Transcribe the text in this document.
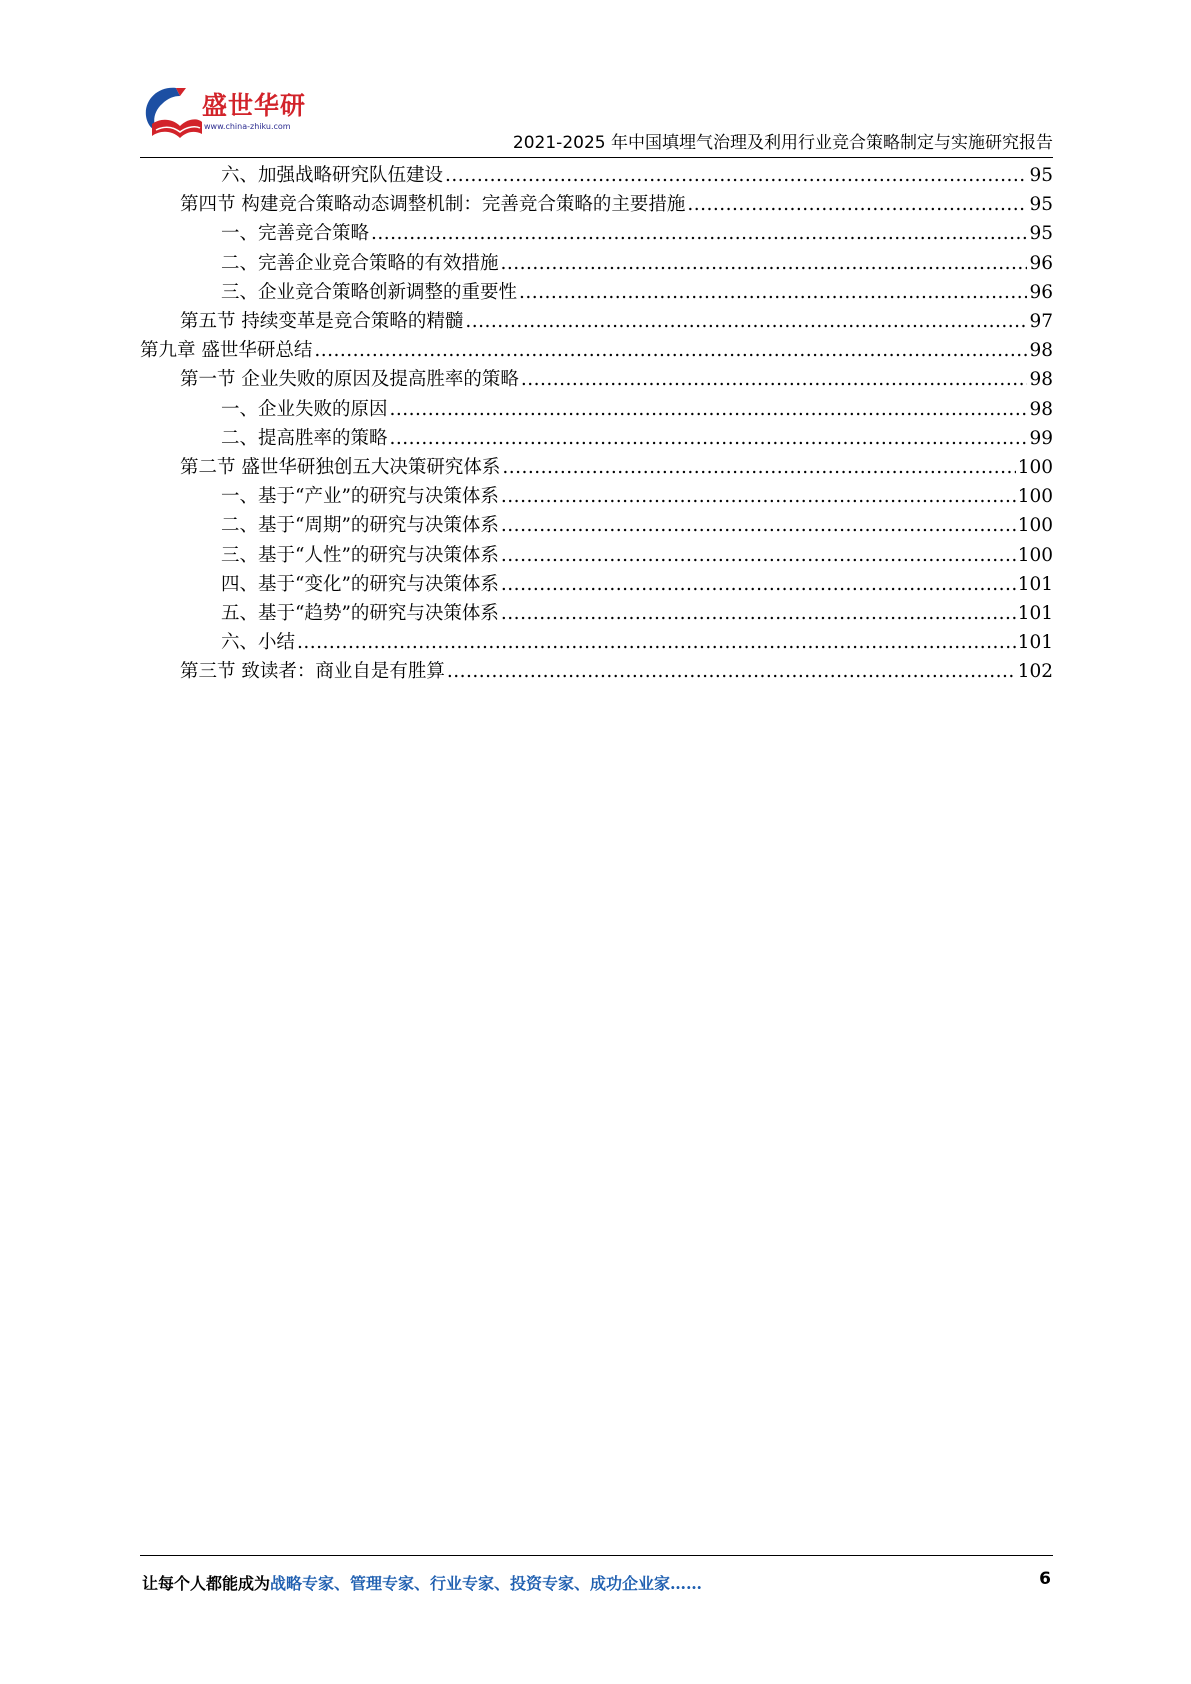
盛世华研
www.china-zhiku.com
2021-2025 年中国填埋气治理及利用行业竞合策略制定与实施研究报告
六、加强战略研究队伍建设 .....	95
第四节 构建竞合策略动态调整机制：完善竞合策略的主要措施 .....	95
一、完善竞合策略 .....	95
二、完善企业竞合策略的有效措施 .....	96
三、企业竞合策略创新调整的重要性 .....	96
第五节 持续变革是竞合策略的精髓 .....	97
第九章 盛世华研总结 .....	98
第一节 企业失败的原因及提高胜率的策略 .....	98
一、企业失败的原因 .....	98
二、提高胜率的策略 .....	99
第二节 盛世华研独创五大决策研究体系 .....	100
一、基于“产业”的研究与决策体系 .....	100
二、基于“周期”的研究与决策体系 .....	100
三、基于“人性”的研究与决策体系 .....	100
四、基于“变化”的研究与决策体系 .....	101
五、基于“趋势”的研究与决策体系 .....	101
六、小结 .....	101
第三节 致读者：商业自是有胜算 .....	102
让每个人都能成为战略专家、管理专家、行业专家、投资专家、成功企业家……	6
